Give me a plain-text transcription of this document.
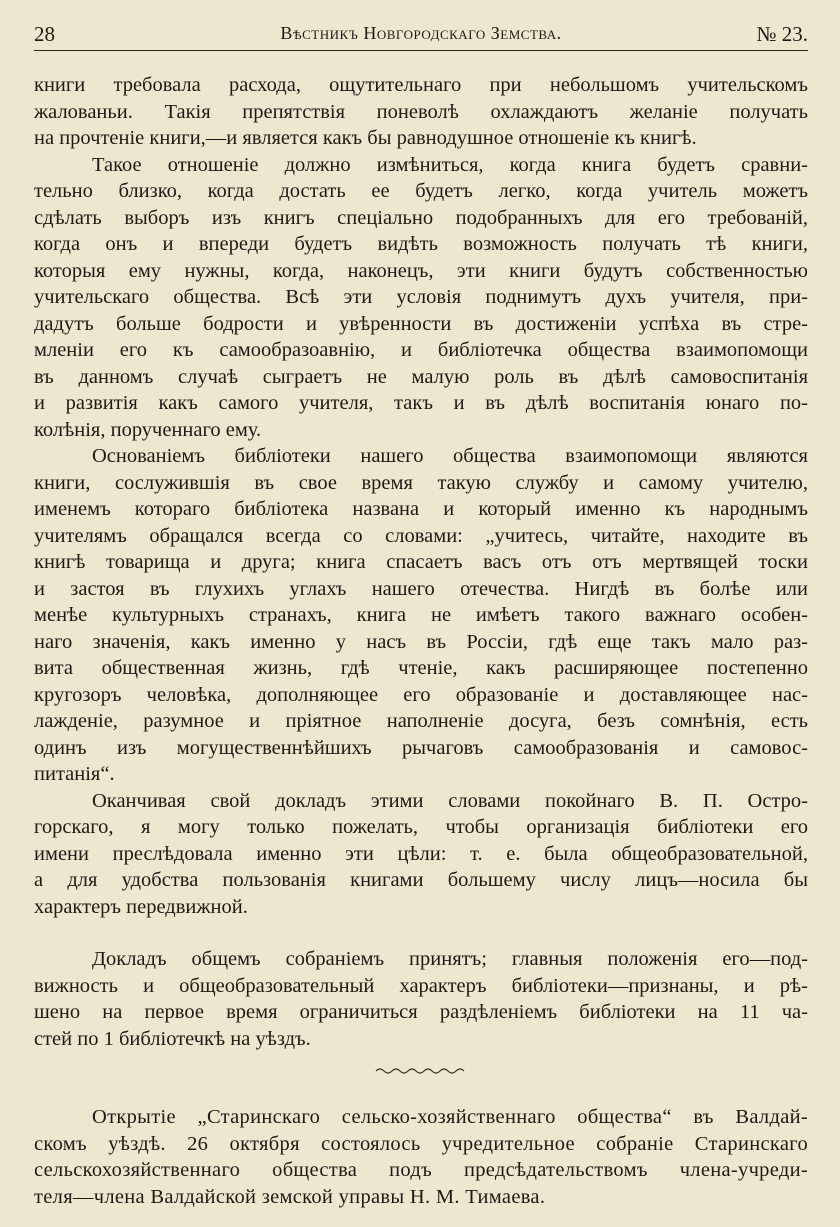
28	Вѣстникъ Новгородскаго Земства.	№ 23.
книги требовала расхода, ощутительнаго при небольшомъ учительскомъ
жалованьи. Такія препятствія поневолѣ охлаждаютъ желаніе получать
на прочтеніе книги,—и является какъ бы равнодушное отношеніе къ книгѣ.
Такое отношеніе должно измѣниться, когда книга будетъ сравни-
тельно близко, когда достать ее будетъ легко, когда учитель можетъ
сдѣлать выборъ изъ книгъ спеціально подобранныхъ для его требованій,
когда онъ и впереди будетъ видѣть возможность получать тѣ книги,
которыя ему нужны, когда, наконецъ, эти книги будутъ собственностью
учительскаго общества. Всѣ эти условія поднимутъ духъ учителя, при-
дадутъ больше бодрости и увѣренности въ достиженіи успѣха въ стре-
мленіи его къ самообразоавнію, и библіотечка общества взаимопомощи
въ данномъ случаѣ сыграетъ не малую роль въ дѣлѣ самовоспитанія
и развитія какъ самого учителя, такъ и въ дѣлѣ воспитанія юнаго по-
колѣнія, порученнаго ему.
Основаніемъ библіотеки нашего общества взаимопомощи являются
книги, сослужившія въ свое время такую службу и самому учителю,
именемъ котораго библіотека названа и который именно къ народнымъ
учителямъ обращался всегда со словами: „учитесь, читайте, находите въ
книгѣ товарища и друга; книга спасаетъ васъ отъ отъ мертвящей тоски
и застоя въ глухихъ углахъ нашего отечества. Нигдѣ въ болѣе или
менѣе культурныхъ странахъ, книга не имѣетъ такого важнаго особен-
наго значенія, какъ именно у насъ въ Россіи, гдѣ еще такъ мало раз-
вита общественная жизнь, гдѣ чтеніе, какъ расширяющее постепенно
кругозоръ человѣка, дополняющее его образованіе и доставляющее нас-
лажденіе, разумное и пріятное наполненіе досуга, безъ сомнѣнія, есть
одинъ изъ могущественнѣйшихъ рычаговъ самообразованія и самовос-
питанія“.
Оканчивая свой докладъ этими словами покойнаго В. П. Остро-
горскаго, я могу только пожелать, чтобы организація библіотеки его
имени преслѣдовала именно эти цѣли: т. е. была общеобразовательной,
а для удобства пользованія книгами большему числу лицъ—носила бы
характеръ передвижной.
Докладъ общемъ собраніемъ принятъ; главныя положенія его—под-
вижность и общеобразовательный характеръ библіотеки—признаны, и рѣ-
шено на первое время ограничиться раздѣленіемъ библіотеки на 11 ча-
стей по 1 библіотечкѣ на уѣздъ.
Открытіе „Старинскаго сельско-хозяйственнаго общества“ въ Валдай-
скомъ уѣздѣ. 26 октября состоялось учредительное собраніе Старинскаго
сельскохозяйственнаго общества подъ предсѣдательствомъ члена-учреди-
теля—члена Валдайской земской управы Н. М. Тимаева.
